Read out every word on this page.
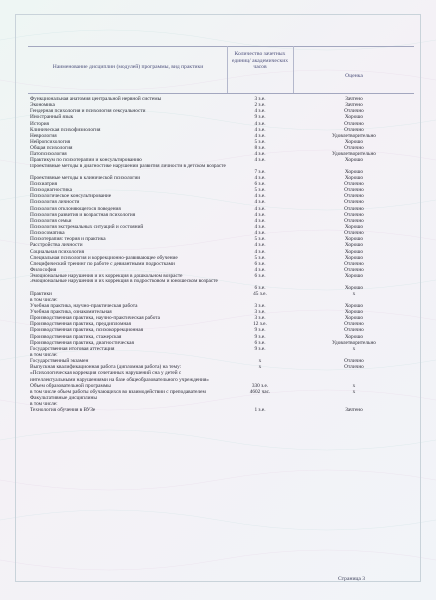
Наименование дисциплин (модулей) программы, вид практики
Количество зачетных единиц/ академических часов
Оценка
Функциональная анатомия центральной нервной системы	3 з.е.	Зачтено
Экономика	2 з.е.	Зачтено
Гендерная психология и психология сексуальности	4 з.е.	Отлично
Иностранный язык	9 з.е.	Хорошо
История	4 з.е.	Отлично
Клиническая психофизиология	4 з.е.	Отлично
Неврология	4 з.е.	Удовлетворительно
Нейропсихология	5 з.е.	Хорошо
Общая психология	8 з.е.	Отлично
Патопсихология	4 з.е.	Удовлетворительно
Практикум по психотерапии и консультированию	4 з.е.	Хорошо
Проективные методы в диагностике нарушений развития личности в детском возрасте
7 з.е.	Хорошо
Проективные методы в клинической психологии	4 з.е.	Хорошо
Психиатрия	6 з.е.	Отлично
Психодиагностика	5 з.е.	Отлично
Психологическое консультирование	4 з.е.	Отлично
Психология личности	4 з.е.	Отлично
Психология отклоняющегося поведения	4 з.е.	Отлично
Психология развития и возрастная психология	4 з.е.	Отлично
Психология семьи	4 з.е.	Отлично
Психология экстремальных ситуаций и состояний	4 з.е.	Хорошо
Психосоматика	4 з.е.	Отлично
Психотерапия: теория и практика	5 з.е.	Хорошо
Расстройства личности	4 з.е.	Хорошо
Социальная психология	4 з.е.	Хорошо
Специальная психология и коррекционно-развивающее обучение	5 з.е.	Хорошо
Специфический тренинг по работе с девиантными подростками	6 з.е.	Отлично
Философия	4 з.е.	Отлично
Эмоциональные нарушения и их коррекция в дошкольном возрасте	6 з.е.	Хорошо
Эмоциональные нарушения и их коррекция в подростковом и юношеском возрасте
6 з.е.	Хорошо
Практики	45 з.е.	x
в том числе:
Учебная практика, научно-практическая работа	3 з.е.	Хорошо
Учебная практика, ознакомительная	3 з.е.	Хорошо
Производственная практика, научно-практическая работа	3 з.е.	Хорошо
Производственная практика, преддипломная	12 з.е.	Отлично
Производственная практика, психокоррекционная	9 з.е.	Отлично
Производственная практика, стажерская	9 з.е.	Хорошо
Производственная практика, диагностическая	6 з.е.	Удовлетворительно
Государственная итоговая аттестация	9 з.е.	x
в том числе:
Государственный экзамен	x	Отлично
Выпускная квалификационная работа (дипломная работа) на тему:	x	Отлично
«Психологическая коррекция сочетанных нарушений сна у детей с
интеллектуальными нарушениями на базе общеобразовательного учреждения»
Объем образовательной программы	330 з.е.	x
в том числе объем работы обучающихся во взаимодействии с преподавателем	4602 час.	x
Факультативные дисциплины
в том числе:
Технология обучения в ВУЗе	1 з.е.	Зачтено
Страница 3
